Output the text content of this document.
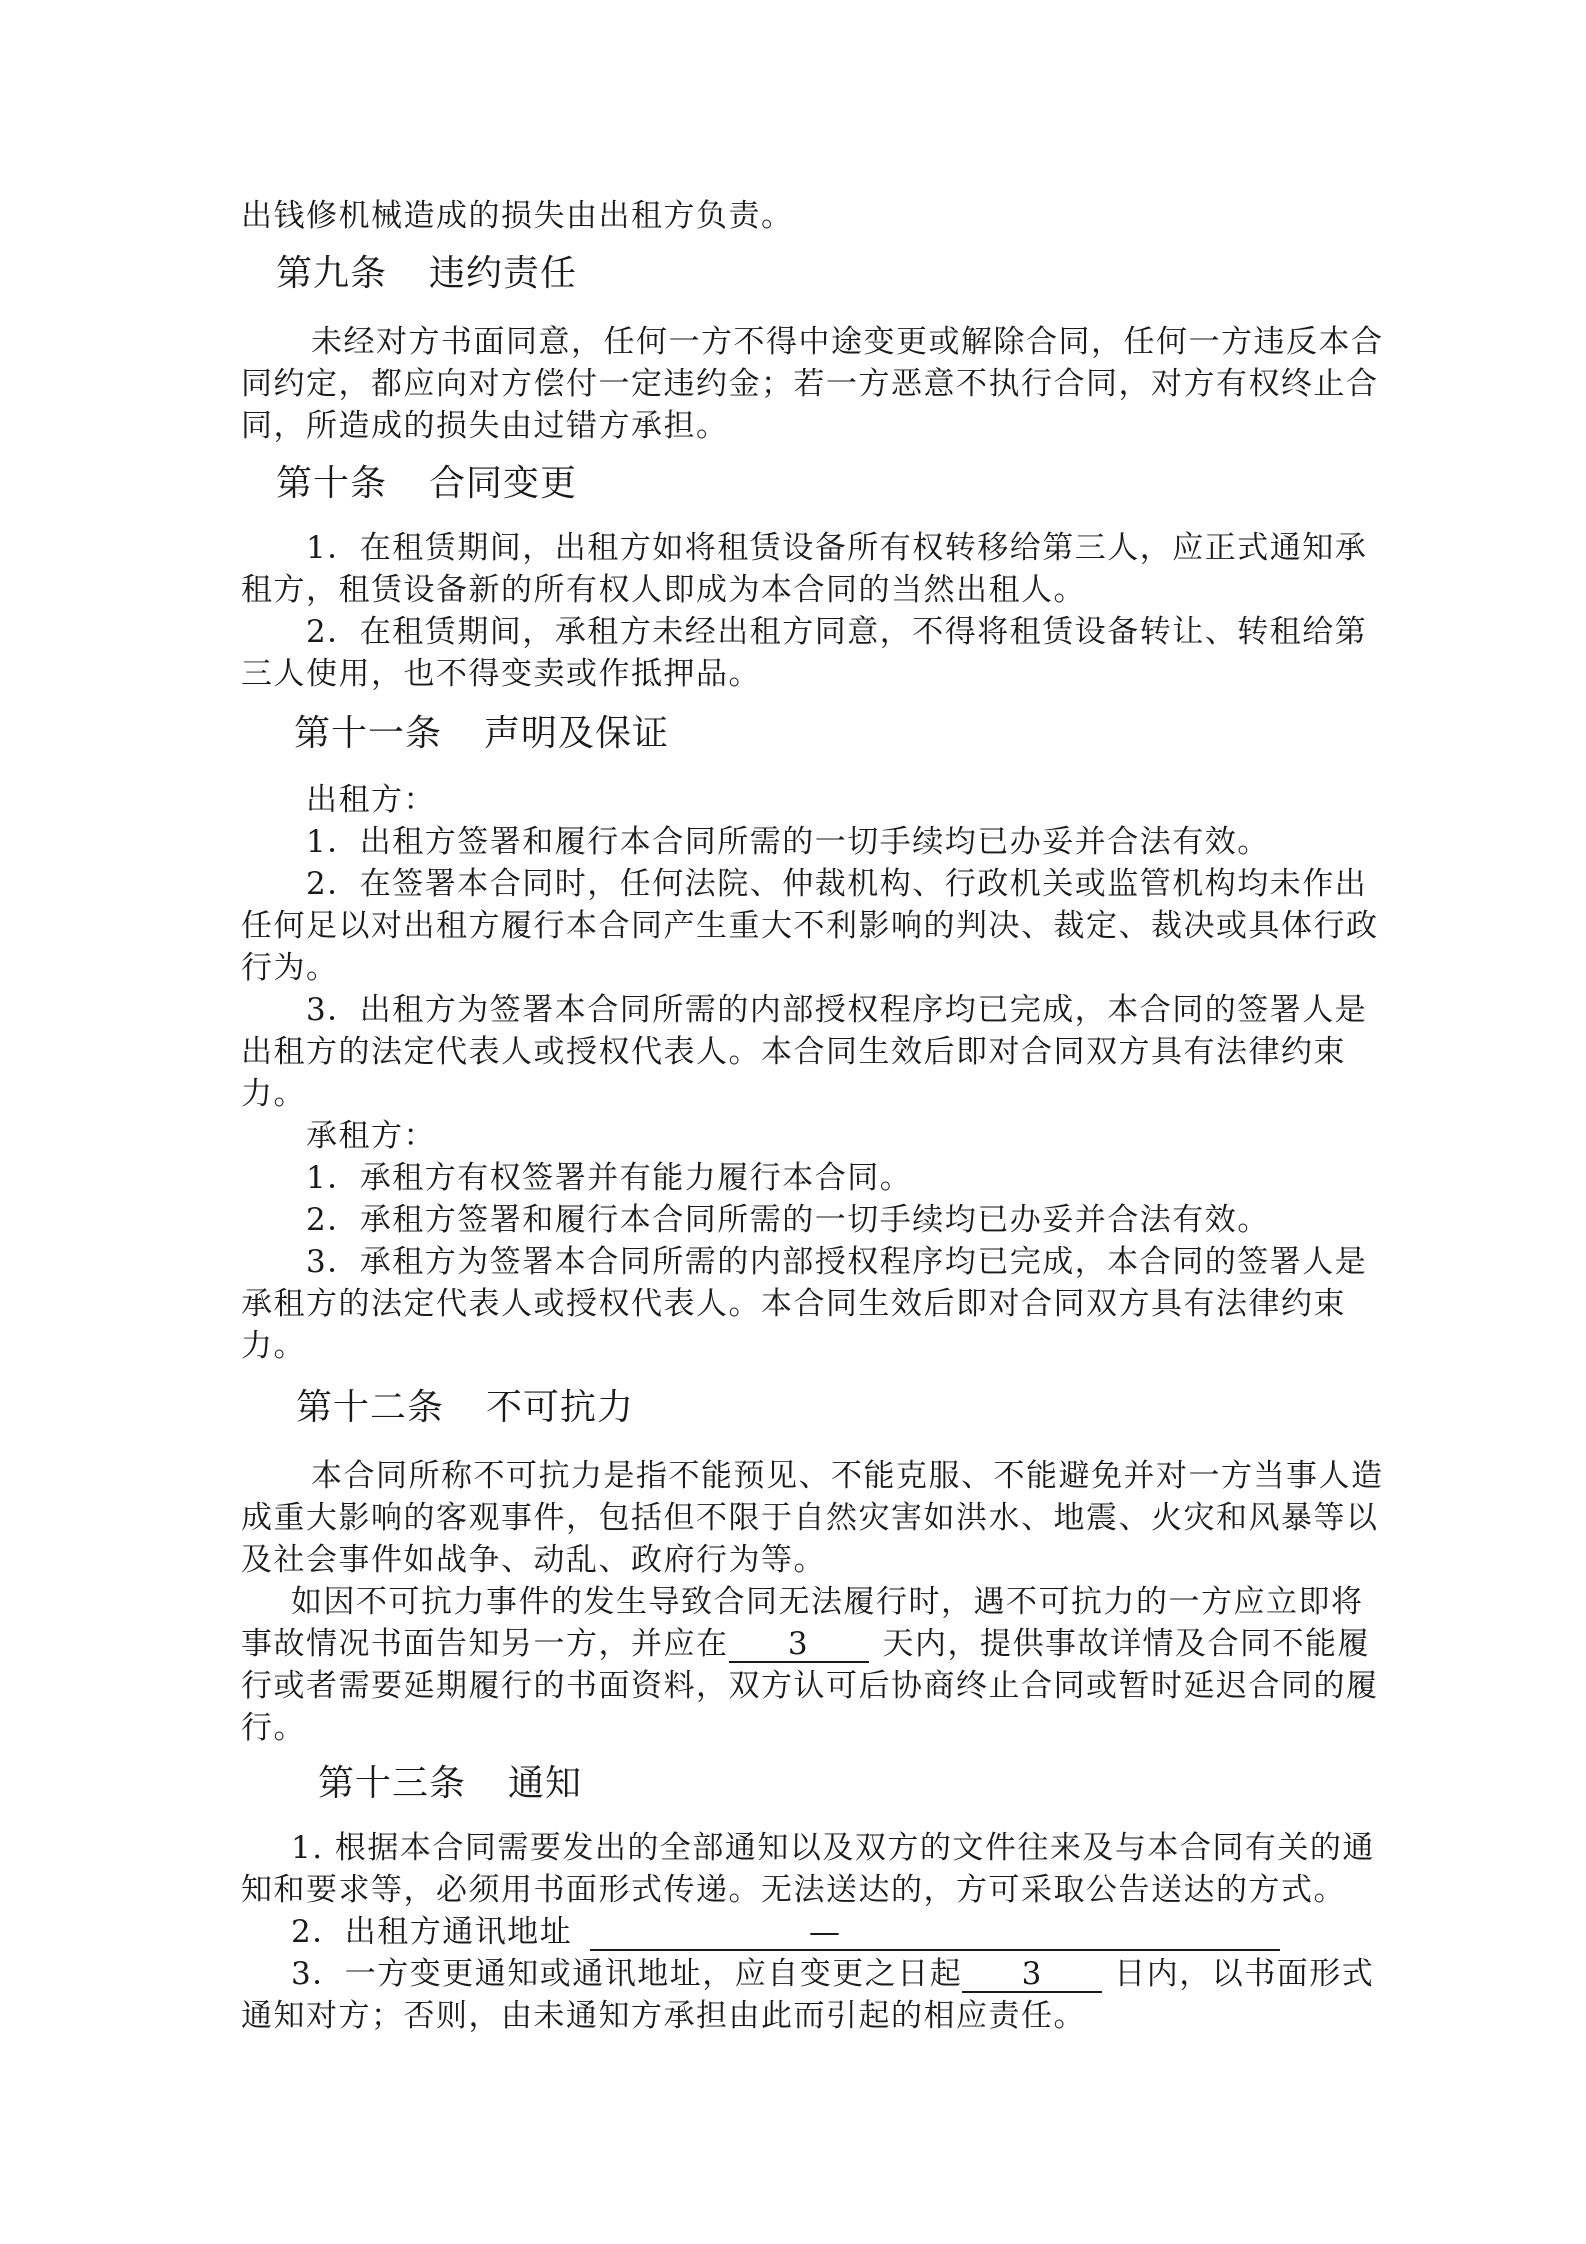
出钱修机械造成的损失由出租方负责。
第九条 违约责任
未经对方书面同意，任何一方不得中途变更或解除合同，任何一方违反本合
同约定，都应向对方偿付一定违约金；若一方恶意不执行合同，对方有权终止合
同，所造成的损失由过错方承担。
第十条 合同变更
1．在租赁期间，出租方如将租赁设备所有权转移给第三人，应正式通知承
租方，租赁设备新的所有权人即成为本合同的当然出租人。
2．在租赁期间，承租方未经出租方同意，不得将租赁设备转让、转租给第
三人使用，也不得变卖或作抵押品。
第十一条 声明及保证
出租方：
1．出租方签署和履行本合同所需的一切手续均已办妥并合法有效。
2．在签署本合同时，任何法院、仲裁机构、行政机关或监管机构均未作出
任何足以对出租方履行本合同产生重大不利影响的判决、裁定、裁决或具体行政
行为。
3．出租方为签署本合同所需的内部授权程序均已完成，本合同的签署人是
出租方的法定代表人或授权代表人。本合同生效后即对合同双方具有法律约束
力。
承租方：
1．承租方有权签署并有能力履行本合同。
2．承租方签署和履行本合同所需的一切手续均已办妥并合法有效。
3．承租方为签署本合同所需的内部授权程序均已完成，本合同的签署人是
承租方的法定代表人或授权代表人。本合同生效后即对合同双方具有法律约束
力。
第十二条 不可抗力
本合同所称不可抗力是指不能预见、不能克服、不能避免并对一方当事人造
成重大影响的客观事件，包括但不限于自然灾害如洪水、地震、火灾和风暴等以
及社会事件如战争、动乱、政府行为等。
如因不可抗力事件的发生导致合同无法履行时，遇不可抗力的一方应立即将
事故情况书面告知另一方，并应在 3 天内，提供事故详情及合同不能履
行或者需要延期履行的书面资料，双方认可后协商终止合同或暂时延迟合同的履
行。
第十三条 通知
1. 根据本合同需要发出的全部通知以及双方的文件往来及与本合同有关的通
知和要求等，必须用书面形式传递。无法送达的，方可采取公告送达的方式。
2．出租方通讯地址	—
3．一方变更通知或通讯地址，应自变更之日起 3 日内，以书面形式
通知对方；否则，由未通知方承担由此而引起的相应责任。
